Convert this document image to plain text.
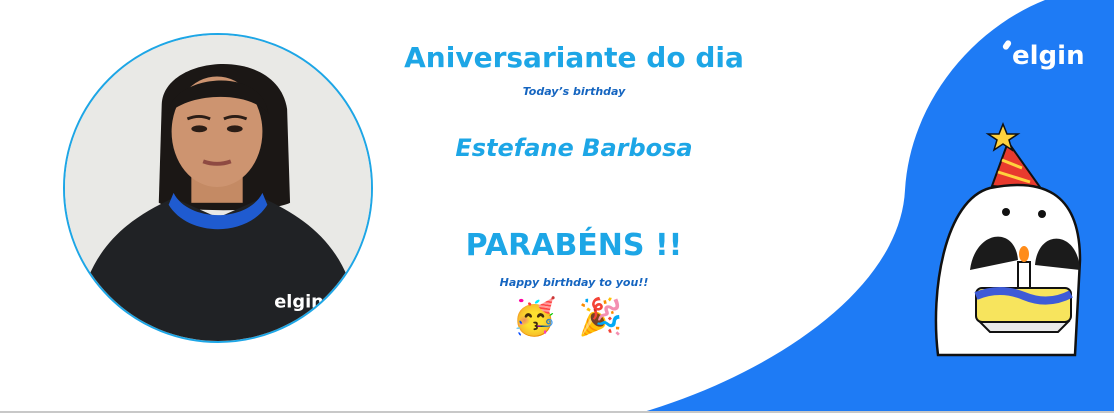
elgin
Aniversariante do dia
Today’s birthday
Estefane Barbosa
PARABÉNS !!
Happy birthday to you!!
🥳 🎉
elgin
